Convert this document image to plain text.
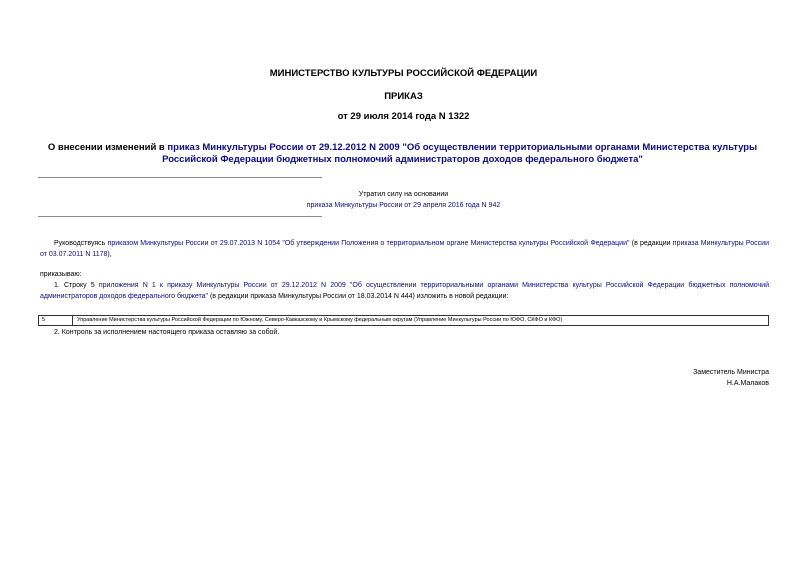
МИНИСТЕРСТВО КУЛЬТУРЫ РОССИЙСКОЙ ФЕДЕРАЦИИ
ПРИКАЗ
от 29 июля 2014 года N 1322
О внесении изменений в приказ Минкультуры России от 29.12.2012 N 2009 "Об осуществлении территориальными органами Министерства культуры Российской Федерации бюджетных полномочий администраторов доходов федерального бюджета"
Утратил силу на основании
приказа Минкультуры России от 29 апреля 2016 года N 942
Руководствуясь приказом Минкультуры России от 29.07.2013 N 1054 "Об утверждении Положения о территориальном органе Министерства культуры Российской Федерации" (в редакции приказа Минкультуры России от 03.07.2011 N 1178),
приказываю:
1. Строку 5 приложения N 1 к приказу Минкультуры России от 29.12.2012 N 2009 "Об осуществлении территориальными органами Министерства культуры Российской Федерации бюджетных полномочий администраторов доходов федерального бюджета" (в редакции приказа Минкультуры России от 18.03.2014 N 444) изложить в новой редакции:
5	Управление Министерства культуры Российской Федерации по Южному, Северо-Кавказскому и Крымскому федеральным округам (Управление Минкультуры России по ЮФО, СКФО и КФО)
2. Контроль за исполнением настоящего приказа оставляю за собой.
Заместитель Министра
Н.А.Малаков
